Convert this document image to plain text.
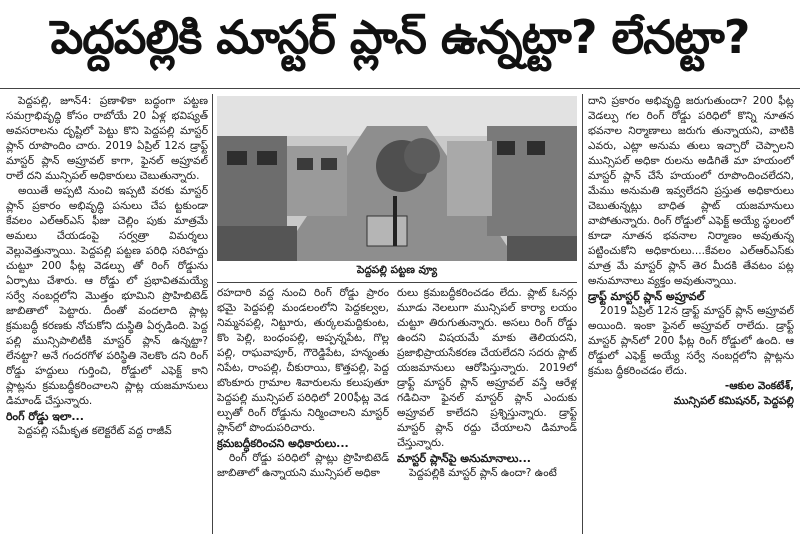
పెద్దపల్లికి మాస్టర్ ప్లాన్ ఉన్నట్టా? లేనట్టా?

పెద్దపల్లి, జూన్4: ప్రణాళికా బద్ధంగా పట్టణ సమగ్రాభివృద్ధి కోసం రాబోయే 20 ఏళ్ల భవిష్యత్ అవసరాలను దృష్టిలో పెట్టు కొని పెద్దపల్లి మాస్టర్ ప్లాన్ రూపొందిం చారు. 2019 ఏప్రిల్ 12న డ్రాఫ్ట్ మాస్టర్ ప్లాన్ అప్రూవల్ కాగా, ఫైనల్ అప్రూవల్ రాలే దని మున్సిపల్ అధికారులు చెబుతున్నారు.

అయితే అప్పటి నుంచి ఇప్పటి వరకు మాస్టర్ ప్లాన్ ప్రకారం అభివృద్ధి పనులు చేప ట్టకుండా కేవలం ఎల్ఆర్ఎస్ ఫీజు చెల్లిం పుకు మాత్రమే అమలు చేయడంపై సర్వత్రా విమర్శలు వెల్లువెత్తున్నాయి. పెద్దపల్లి పట్టణ పరిధి సరిహద్దు చుట్టూ 200 ఫీట్ల వెడల్పు తో రింగ్ రోడ్డును ఏర్పాటు చేశారు. ఆ రోడ్డు లో ప్రభావితమయ్యే సర్వే నంబర్లలోని మొత్తం భూమిని ప్రొహిబిటెడ్ జాబితాలో పెట్టారు. దీంతో వందలాది ప్లాట్ల క్రమబద్ధీ కరణకు నోచుకోని దుస్థితి ఏర్పడింది. పెద్ద పల్లి మున్సిపాలిటీకి మాస్టర్ ప్లాన్ ఉన్నట్టా? లేనట్టా? అనే గందరగోళ పరిస్థితి నెలకొం దని రింగ్ రోడ్డు హద్దులు గుర్తించి, రోడ్డులో ఎఫెక్ట్ కాని ప్లాట్లను క్రమబద్ధీకరించాలని ప్లాట్ల యజమానులు డిమాండ్ చేస్తున్నారు.

రింగ్ రోడ్డు ఇలా...

పెద్దపల్లి సమీకృత కలెక్టరేట్ వద్ద రాజీవ్

పెద్దపల్లి పట్టణ వ్యూ

రహదారి వద్ద నుంచి రింగ్ రోడ్డు ప్రారం భమై పెద్దపల్లి మండలంలోని పెద్దకల్వల, నిమ్మనపల్లి, నిట్టూరు, తుర్కలమద్దికుంట, కొం పెల్లి, బంధంపల్లి, అప్పన్నపేట, గొల్ల పల్లి, రాఘవాపూర్, గౌరెడ్డిపేట, హన్మంతు నిపేట, రాంపల్లి, చీకురాయి, కొత్తపల్లి, పెద్ద బొంకూరు గ్రామాల శివారులను కలుపుతూ పెద్దపల్లి మున్సిపల్ పరిధిలో 200ఫీట్ల వెడ ల్పుతో రింగ్ రోడ్డును నిర్మించాలని మాస్టర్ ప్లాన్‌లో పొందుపరిచారు.

క్రమబద్ధీకరించని అధికారులు...

రింగ్ రోడ్డు పరిధిలో ప్లాట్లు ప్రొహిబిటెడ్ జాబితాలో ఉన్నాయని మున్సిపల్ అధికా

రులు క్రమబద్ధీకరించడం లేదు. ప్లాట్ ఓనర్లు మూడు నెలలుగా మున్సిపల్ కార్యా లయం చుట్టూ తిరుగుతున్నారు. అసలు రింగ్ రోడ్డు ఉందని విషయమే మాకు తెలియదని, ప్రజాభిప్రాయసేకరణ చేయలేదని సదరు ప్లాట్ యజమానులు ఆరోపిస్తున్నారు. 2019లో డ్రాఫ్ట్ మాస్టర్ ప్లాన్ అప్రూవల్ వస్తే ఆరేళ్ల గడిచినా ఫైనల్ మాస్టర్ ప్లాన్ ఎందుకు అప్రూవల్ కాలేదని ప్రశ్నిస్తున్నారు. డ్రాఫ్ట్ మాస్టర్ ప్లాన్ రద్దు చేయాలని డిమాండ్ చేస్తున్నారు.

మాస్టర్ ప్లాన్‌పై అనుమానాలు...

పెద్దపల్లికి మాస్టర్ ప్లాన్ ఉందా? ఉంటే

దాని ప్రకారం అభివృద్ధి జరుగుతుందా? 200 ఫీట్ల వెడల్పు గల రింగ్ రోడ్డు పరిధిలో కొన్ని నూతన భవనాల నిర్మాణాలు జరుగు తున్నాయని, వాటికి ఎవరు, ఎట్లా అనుమ తులు ఇచ్చారో చెప్పాలని మున్సిపల్ అధికా రులను అడిగితే మా హయంలో మాస్టర్ ప్లాన్ చేసే హయంలో రూపొందించలేదని, మేము అనుమతి ఇవ్వలేదని ప్రస్తుత అధికారులు చెబుతున్నట్లు బాధిత ప్లాట్ యజమానులు వాపోతున్నారు. రింగ్ రోడ్డులో ఎఫెక్ట్ అయ్యే స్థలంలో కూడా నూతన భవనాల నిర్మాణం అవుతున్న పట్టించుకోని అధికారులు....కేవలం ఎల్ఆర్ఎస్‌కు మాత్ర మే మాస్టర్ ప్లాన్ తెర మీదకి తేవటం పట్ల అనుమానాలు వ్యక్తం అవుతున్నాయి.

డ్రాఫ్ట్ మాస్టర్ ప్లాన్ అప్రూవల్

2019 ఏప్రిల్ 12న డ్రాఫ్ట్ మాస్టర్ ప్లాన్ అప్రూవల్ అయింది. ఇంకా ఫైనల్ అప్రూవల్ రాలేదు. డ్రాఫ్ట్ మాస్టర్ ప్లాన్‌లో 200 ఫీట్ల రింగ్ రోడ్డులో ఉంది. ఆ రోడ్డులో ఎఫెక్ట్ అయ్యే సర్వే నంబర్లలోని ప్లాట్లను క్రమబ ద్ధీకరించడం లేదు.

-ఆకుల వెంకటేశ్,

మున్సిపల్ కమిషనర్, పెద్దపల్లి
